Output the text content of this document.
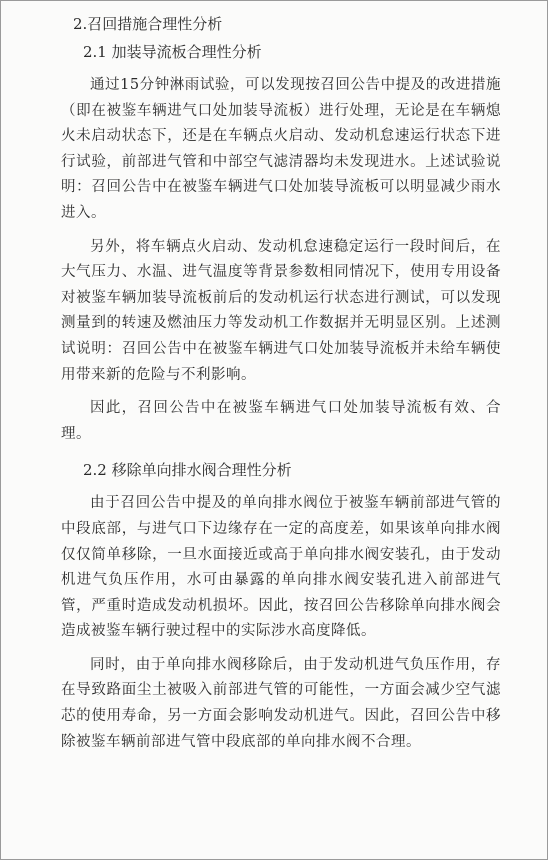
2.召回措施合理性分析
2.1 加装导流板合理性分析

通过15分钟淋雨试验，可以发现按召回公告中提及的改进措施（即在被鉴车辆进气口处加装导流板）进行处理，无论是在车辆熄火未启动状态下，还是在车辆点火启动、发动机怠速运行状态下进行试验，前部进气管和中部空气滤清器均未发现进水。上述试验说明：召回公告中在被鉴车辆进气口处加装导流板可以明显减少雨水进入。

另外，将车辆点火启动、发动机怠速稳定运行一段时间后，在大气压力、水温、进气温度等背景参数相同情况下，使用专用设备对被鉴车辆加装导流板前后的发动机运行状态进行测试，可以发现测量到的转速及燃油压力等发动机工作数据并无明显区别。上述测试说明：召回公告中在被鉴车辆进气口处加装导流板并未给车辆使用带来新的危险与不利影响。

因此，召回公告中在被鉴车辆进气口处加装导流板有效、合理。

2.2 移除单向排水阀合理性分析

由于召回公告中提及的单向排水阀位于被鉴车辆前部进气管的中段底部，与进气口下边缘存在一定的高度差，如果该单向排水阀仅仅简单移除，一旦水面接近或高于单向排水阀安装孔，由于发动机进气负压作用，水可由暴露的单向排水阀安装孔进入前部进气管，严重时造成发动机损坏。因此，按召回公告移除单向排水阀会造成被鉴车辆行驶过程中的实际涉水高度降低。

同时，由于单向排水阀移除后，由于发动机进气负压作用，存在导致路面尘土被吸入前部进气管的可能性，一方面会减少空气滤芯的使用寿命，另一方面会影响发动机进气。因此，召回公告中移除被鉴车辆前部进气管中段底部的单向排水阀不合理。
